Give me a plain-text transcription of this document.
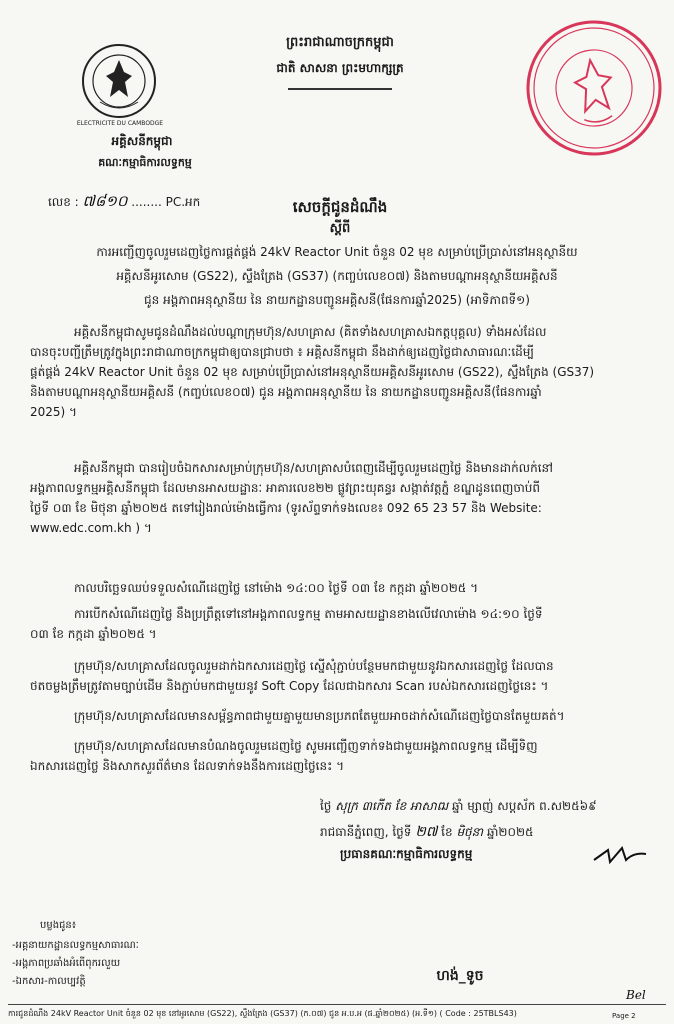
ELECTRICITE DU CAMBODGE
ព្រះរាជាណាចក្រកម្ពុជា
ជាតិ សាសនា ព្រះមហាក្សត្រ
អគ្គិសនីកម្ពុជា
គណៈកម្មាធិការលទ្ធកម្ម
លេខ : ៧៨១០ ........ PC.អក	សេចក្តីជូនដំណឹង
ស្តីពី
ការអញ្ជើញចូលរួមដេញថ្លៃការផ្គត់ផ្គង់ 24kV Reactor Unit ចំនួន 02 មុខ សម្រាប់ប្រើប្រាស់នៅអនុស្ថានីយ
អគ្គិសនីអូរសោម (GS22), ស្ទឹងត្រែង (GS37) (កញ្ចប់លេខ០៧) និងតាមបណ្តាអនុស្ថានីយអគ្គិសនី
ជូន អង្គភាពអនុស្ថានីយ នៃ នាយកដ្ឋានបញ្ជូនអគ្គិសនី(ផែនការឆ្នាំ2025) (អាទិភាពទី១)
អគ្គិសនីកម្ពុជាសូមជូនដំណឹងដល់បណ្តាក្រុមហ៊ុន/សហគ្រាស (គិតទាំងសហគ្រាសឯកត្តបុគ្គល) ទាំងអស់ដែល
បានចុះបញ្ជីត្រឹមត្រូវក្នុងព្រះរាជាណាចក្រកម្ពុជាឲ្យបានជ្រាបថា ៖ អគ្គិសនីកម្ពុជា នឹងដាក់ឲ្យដេញថ្លៃជាសាធារណៈដើម្បី
ផ្គត់ផ្គង់ 24kV Reactor Unit ចំនួន 02 មុខ សម្រាប់ប្រើប្រាស់នៅអនុស្ថានីយអគ្គិសនីអូរសោម (GS22), ស្ទឹងត្រែង (GS37)
និងតាមបណ្តាអនុស្ថានីយអគ្គិសនី (កញ្ចប់លេខ០៧) ជូន អង្គភាពអនុស្ថានីយ នៃ នាយកដ្ឋានបញ្ជូនអគ្គិសនី(ផែនការឆ្នាំ
2025) ។
អគ្គិសនីកម្ពុជា បានរៀបចំឯកសារសម្រាប់ក្រុមហ៊ុន/សហគ្រាសបំពេញដើម្បីចូលរួមដេញថ្លៃ និងមានដាក់លក់នៅ
អង្គភាពលទ្ធកម្មអគ្គិសនីកម្ពុជា ដែលមានអាសយដ្ឋានៈ អាគារលេខ២២ ផ្លូវព្រះយុគន្ធរ សង្កាត់វត្តភ្នំ ខណ្ឌដូនពេញចាប់ពី
ថ្ងៃទី ០៣ ខែ មិថុនា ឆ្នាំ២០២៥ តទៅរៀងរាល់ម៉ោងធ្វើការ (ទូរស័ព្ទទាក់ទងលេខ៖ 092 65 23 57 និង Website:
www.edc.com.kh ) ។
កាលបរិច្ឆេទឈប់ទទួលសំណើដេញថ្លៃ នៅម៉ោង ១៤:០០ ថ្ងៃទី ០៣ ខែ កក្កដា ឆ្នាំ២០២៥ ។
ការបើកសំណើដេញថ្លៃ នឹងប្រព្រឹត្តទៅនៅអង្គភាពលទ្ធកម្ម តាមអាសយដ្ឋានខាងលើវេលាម៉ោង ១៤:១០ ថ្ងៃទី
០៣ ខែ កក្កដា ឆ្នាំ២០២៥ ។
ក្រុមហ៊ុន/សហគ្រាសដែលចូលរួមដាក់ឯកសារដេញថ្លៃ ស្នើសុំភ្ជាប់បន្ថែមមកជាមួយនូវឯកសារដេញថ្លៃ ដែលបាន
ថតចម្លងត្រឹមត្រូវតាមច្បាប់ដើម និងភ្ជាប់មកជាមួយនូវ Soft Copy ដែលជាឯកសារ Scan របស់ឯកសារដេញថ្លៃនេះ ។
ក្រុមហ៊ុន/សហគ្រាសដែលមានសម្ព័ន្ធភាពជាមួយគ្នាមួយមានប្រភពតែមួយអាចដាក់សំណើដេញថ្លៃបានតែមួយគត់។
ក្រុមហ៊ុន/សហគ្រាសដែលមានបំណងចូលរួមដេញថ្លៃ សូមអញ្ជើញទាក់ទងជាមួយអង្គភាពលទ្ធកម្ម ដើម្បីទិញ
ឯកសារដេញថ្លៃ និងសាកសួរព័ត៌មាន ដែលទាក់ទងនឹងការដេញថ្លៃនេះ ។
ថ្ងៃ សុក្រ ៣កើត ខែ អាសាឍ ឆ្នាំ ម្សាញ់ សប្តស័ក ព.ស២៥៦៩
រាជធានីភ្នំពេញ, ថ្ងៃទី ២៧ ខែ មិថុនា ឆ្នាំ២០២៥
ប្រធានគណៈកម្មាធិការលទ្ធកម្ម
បម្លងជូន៖
-អគ្គនាយកដ្ឋានលទ្ធកម្មសាធារណៈ
-អង្គភាពប្រឆាំងអំពើពុករលួយ
-ឯកសារ-កាលប្បវត្តិ	ហង់_ទូច
ការជូនដំណឹង 24kV Reactor Unit ចំនួន 02 មុខ នៅអូរសោម (GS22), ស្ទឹងត្រែង (GS37) (ក.០៧) ជូន អ.ប.អ (ផ.ឆ្នាំ២០២៥) (អ.ទី១) ( Code : 25TBLS43)	Page 2
Bel
